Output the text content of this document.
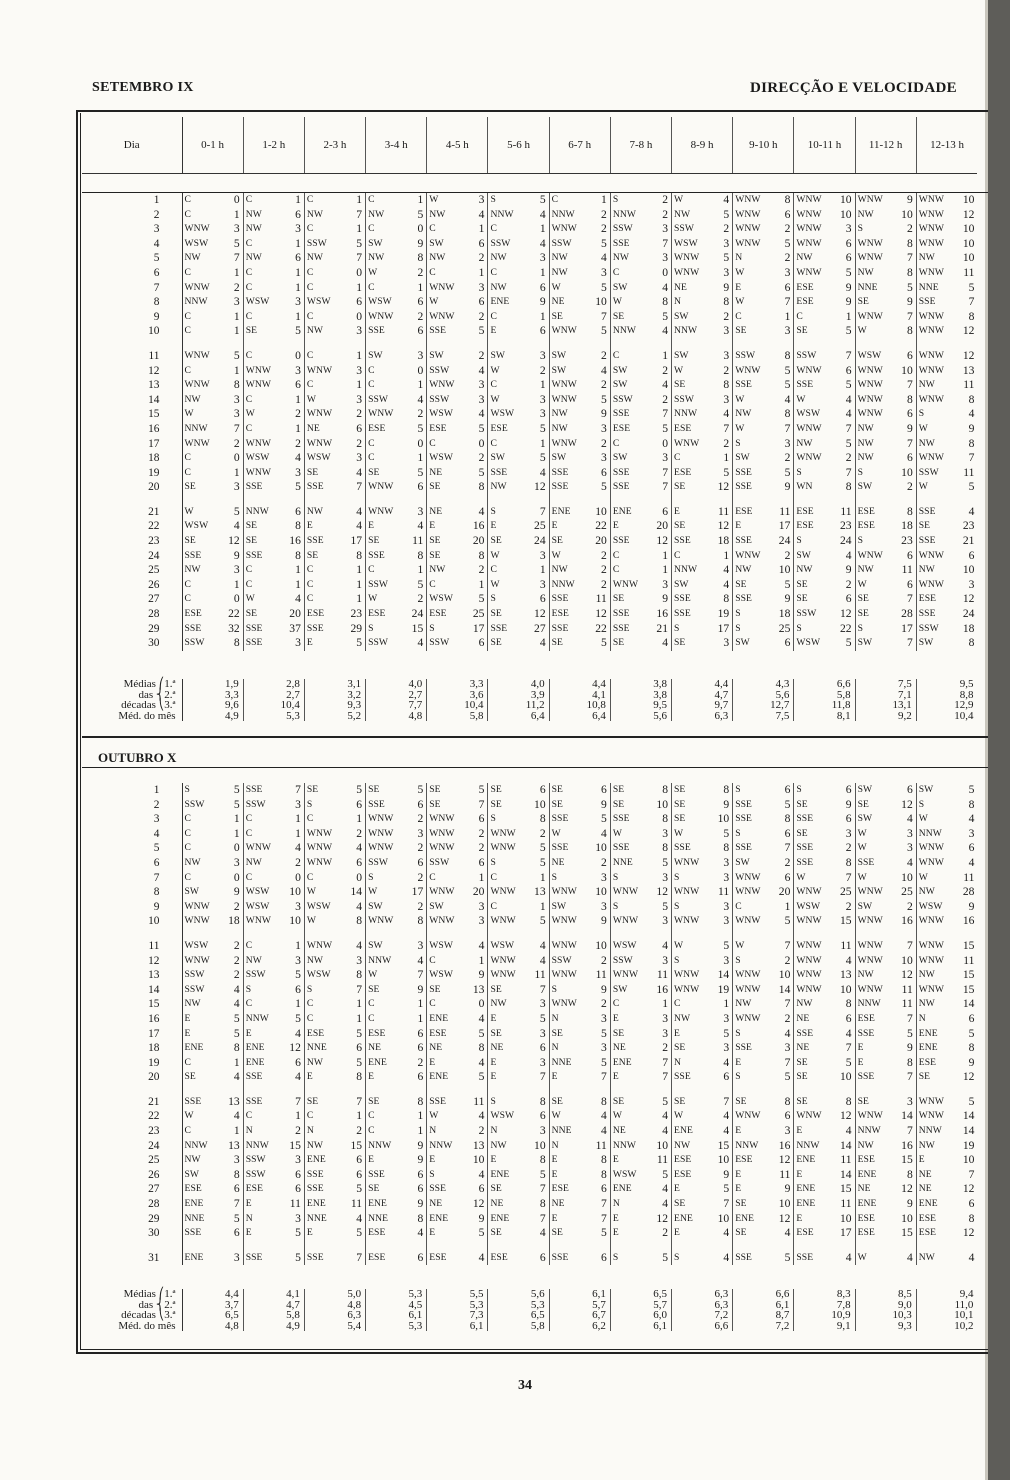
SETEMBRO IX	DIRECÇÃO E VELOCIDADE
Dia	0-1 h	1-2 h	2-3 h	3-4 h	4-5 h	5-6 h	6-7 h	7-8 h	8-9 h	9-10 h	10-11 h	11-12 h	12-13 h
1	C 0	C 1	C 1	C 1	W 3	S 5	C 1	S 2	W 4	WNW 8	WNW 10	WNW 9	WNW 10

2	C 1	NW 6	NW 7	NW 5	NW 4	NNW 4	NNW 2	NNW 2	NW 5	WNW 6	WNW 10	NW 10	WNW 12

3	WNW 3	NW 3	C 1	C 0	C 1	C 1	WNW 2	SSW 3	SSW 2	WNW 2	WNW 3	S 2	WNW 10

4	WSW 5	C 1	SSW 5	SW 9	SW 6	SSW 4	SSW 5	SSE 7	WSW 3	WNW 5	WNW 6	WNW 8	WNW 10

5	NW 7	NW 6	NW 7	NW 8	NW 2	NW 3	NW 4	NW 3	WNW 5	N 2	NW 6	WNW 7	NW 10

6	C 1	C 1	C 0	W 2	C 1	C 1	NW 3	C 0	WNW 3	W 3	WNW 5	NW 8	WNW 11

7	WNW 2	C 1	C 1	C 1	WNW 3	NW 6	W 5	SW 4	NE 9	E 6	ESE 9	NNE 5	NNE 5

8	NNW 3	WSW 3	WSW 6	WSW 6	W 6	ENE 9	NE 10	W 8	N 8	W 7	ESE 9	SE 9	SSE 7

9	C 1	C 1	C 0	WNW 2	WNW 2	C 1	SE 7	SE 5	SW 2	C 1	C 1	WNW 7	WNW 8

10	C 1	SE 5	NW 3	SSE 6	SSE 5	E 6	WNW 5	NNW 4	NNW 3	SE 3	SE 5	W 8	WNW 12

11	WNW 5	C 0	C 1	SW 3	SW 2	SW 3	SW 2	C 1	SW 3	SSW 8	SSW 7	WSW 6	WNW 12

12	C 1	WNW 3	WNW 3	C 0	SSW 4	W 2	SW 4	SW 2	W 2	WNW 5	WNW 6	WNW 10	WNW 13

13	WNW 8	WNW 6	C 1	C 1	WNW 3	C 1	WNW 2	SW 4	SE 8	SSE 5	SSE 5	WNW 7	NW 11

14	NW 3	C 1	W 3	SSW 4	SSW 3	W 3	WNW 5	SSW 2	SSW 3	W 4	W 4	WNW 8	WNW 8

15	W 3	W 2	WNW 2	WNW 2	WSW 4	WSW 3	NW 9	SSE 7	NNW 4	NW 8	WSW 4	WNW 6	S 4

16	NNW 7	C 1	NE 6	ESE 5	ESE 5	ESE 5	NW 3	ESE 5	ESE 7	W 7	WNW 7	NW 9	W 9

17	WNW 2	WNW 2	WNW 2	C 0	C 0	C 1	WNW 2	C 0	WNW 2	S 3	NW 5	NW 7	NW 8

18	C 0	WSW 4	WSW 3	C 1	WSW 2	SW 5	SW 3	SW 3	C 1	SW 2	WNW 2	NW 6	WNW 7

19	C 1	WNW 3	SE 4	SE 5	NE 5	SSE 4	SSE 6	SSE 7	ESE 5	SSE 5	S 7	S 10	SSW 11

20	SE 3	SSE 5	SSE 7	WNW 6	SE 8	NW 12	SSE 5	SSE 7	SE 12	SSE 9	WN 8	SW 2	W 5

21	W 5	NNW 6	NW 4	WNW 3	NE 4	S 7	ENE 10	ENE 6	E 11	ESE 11	ESE 11	ESE 8	SSE 4

22	WSW 4	SE 8	E 4	E 4	E 16	E 25	E 22	E 20	SE 12	E 17	ESE 23	ESE 18	SE 23

23	SE 12	SE 16	SSE 17	SE 11	SE 20	SE 24	SE 20	SSE 12	SSE 18	SSE 24	S 24	S 23	SSE 21

24	SSE 9	SSE 8	SE 8	SSE 8	SE 8	W 3	W 2	C 1	C 1	WNW 2	SW 4	WNW 6	WNW 6

25	NW 3	C 1	C 1	C 1	NW 2	C 1	NW 2	C 1	NNW 4	NW 10	NW 9	NW 11	NW 10

26	C 1	C 1	C 1	SSW 5	C 1	W 3	NNW 2	WNW 3	SW 4	SE 5	SE 2	W 6	WNW 3

27	C 0	W 4	C 1	W 2	WSW 5	S 6	SSE 11	SE 9	SSE 8	SSE 9	SE 6	SE 7	ESE 12

28	ESE 22	SE 20	ESE 23	ESE 24	ESE 25	SE 12	ESE 12	SSE 16	SSE 19	S 18	SSW 12	SE 28	SSE 24

29	SSE 32	SSE 37	SSE 29	S 15	S 17	SSE 27	SSE 22	SSE 21	S 17	S 25	S 22	S 17	SSW 18

30	SSW 8	SSE 3	E 5	SSW 4	SSW 6	SE 4	SE 5	SE 4	SE 3	SW 6	WSW 5	SW 7	SW 8
Médias ⎛1.ª	1,9	2,8	3,1	4,0	3,3	4,0	4,4	3,8	4,4	4,3	6,6	7,5	9,5
das ⎨2.ª	3,3	2,7	3,2	2,7	3,6	3,9	4,1	3,8	4,7	5,6	5,8	7,1	8,8
décadas ⎝3.ª	9,6	10,4	9,3	7,7	10,4	11,2	10,8	9,5	9,7	12,7	11,8	13,1	12,9
Méd. do mês	4,9	5,3	5,2	4,8	5,8	6,4	6,4	5,6	6,3	7,5	8,1	9,2	10,4
OUTUBRO X
1	S 5	SSE 7	SE 5	SE 5	SE 5	SE 6	SE 6	SE 8	SE 8	S 6	S 6	SW 6	SW 5

2	SSW 5	SSW 3	S 6	SSE 6	SE 7	SE 10	SE 9	SE 10	SE 9	SSE 5	SE 9	SE 12	S 8

3	C 1	C 1	C 1	WNW 2	WNW 6	S 8	SSE 5	SSE 8	SE 10	SSE 8	SSE 6	SW 4	W 4

4	C 1	C 1	WNW 2	WNW 3	WNW 2	WNW 2	W 4	W 3	W 5	S 6	SE 3	W 3	NNW 3

5	C 0	WNW 4	WNW 4	WNW 2	WNW 2	WNW 5	SSE 10	SSE 8	SSE 8	SSE 7	SSE 2	W 3	WNW 6

6	NW 3	NW 2	WNW 6	SSW 6	SSW 6	S 5	NE 2	NNE 5	WNW 3	SW 2	SSE 8	SSE 4	WNW 4

7	C 0	C 0	C 0	S 2	C 1	C 1	S 3	S 3	S 3	WNW 6	W 7	W 10	W 11

8	SW 9	WSW 10	W 14	W 17	WNW 20	WNW 13	WNW 10	WNW 12	WNW 11	WNW 20	WNW 25	WNW 25	NW 28

9	WNW 2	WSW 3	WSW 4	SW 2	SW 3	C 1	SW 3	S 5	S 3	C 1	WSW 2	SW 2	WSW 9

10	WNW 18	WNW 10	W 8	WNW 8	WNW 3	WNW 5	WNW 9	WNW 3	WNW 3	WNW 5	WNW 15	WNW 16	WNW 16

11	WSW 2	C 1	WNW 4	SW 3	WSW 4	WSW 4	WNW 10	WSW 4	W 5	W 7	WNW 11	WNW 7	WNW 15

12	WNW 2	NW 3	NW 3	NNW 4	C 1	WNW 4	SSW 2	SSW 3	S 3	S 2	WNW 4	WNW 10	WNW 11

13	SSW 2	SSW 5	WSW 8	W 7	WSW 9	WNW 11	WNW 11	WNW 11	WNW 14	WNW 10	WNW 13	NW 12	NW 15

14	SSW 4	S 6	S 7	SE 9	SE 13	SE 7	S 9	SW 16	WNW 19	WNW 14	WNW 10	WNW 11	WNW 15

15	NW 4	C 1	C 1	C 1	C 0	NW 3	WNW 2	C 1	C 1	NW 7	NW 8	NNW 11	NW 14

16	E 5	NNW 5	C 1	C 1	ENE 4	E 5	N 3	E 3	NW 3	WNW 2	NE 6	ESE 7	N 6

17	E 5	E 4	ESE 5	ESE 6	ESE 5	SE 3	SE 5	SE 3	E 5	S 4	SSE 4	SSE 5	ENE 5

18	ENE 8	ENE 12	NNE 6	NE 6	NE 8	NE 6	N 3	NE 2	SE 3	SSE 3	NE 7	E 9	ENE 8

19	C 1	ENE 6	NW 5	ENE 2	E 4	E 3	NNE 5	ENE 7	N 4	E 7	SE 5	E 8	ESE 9

20	SE 4	SSE 4	E 8	E 6	ENE 5	E 7	E 7	E 7	SSE 6	S 5	SE 10	SSE 7	SE 12

21	SSE 13	SSE 7	SE 7	SE 8	SSE 11	S 8	SE 8	SE 5	SE 7	SE 8	SE 8	SE 3	WNW 5

22	W 4	C 1	C 1	C 1	W 4	WSW 6	W 4	W 4	W 4	WNW 6	WNW 12	WNW 14	WNW 14

23	C 1	N 2	N 2	C 1	N 2	N 3	NNE 4	NE 4	ENE 4	E 3	E 4	NNW 7	NNW 14

24	NNW 13	NNW 15	NW 15	NNW 9	NNW 13	NW 10	N 11	NNW 10	NW 15	NNW 16	NNW 14	NW 16	NW 19

25	NW 3	SSW 3	ENE 6	E 9	E 10	E 8	E 8	E 11	ESE 10	ESE 12	ENE 11	ESE 15	E 10

26	SW 8	SSW 6	SSE 6	SSE 6	S 4	ENE 5	E 8	WSW 5	ESE 9	E 11	E 14	ENE 8	NE 7

27	ESE 6	ESE 6	SSE 5	SE 6	SSE 6	SE 7	ESE 6	ENE 4	E 5	E 9	ENE 15	NE 12	NE 12

28	ENE 7	E 11	ENE 11	ENE 9	NE 12	NE 8	NE 7	N 4	SE 7	SE 10	ENE 11	ENE 9	ENE 6

29	NNE 5	N 3	NNE 4	NNE 8	ENE 9	ENE 7	E 7	E 12	ENE 10	ENE 12	E 10	ESE 10	ESE 8

30	SSE 6	E 5	E 5	ESE 4	E 5	SE 4	SE 5	E 2	E 4	SE 4	ESE 17	ESE 15	ESE 12

31	ENE 3	SSE 5	SSE 7	ESE 6	ESE 4	ESE 6	SSE 6	S 5	S 4	SSE 5	SSE 4	W 4	NW 4
Médias ⎛1.ª	4,4	4,1	5,0	5,3	5,5	5,6	6,1	6,5	6,3	6,6	8,3	8,5	9,4
das ⎨2.ª	3,7	4,7	4,8	4,5	5,3	5,3	5,7	5,7	6,3	6,1	7,8	9,0	11,0
décadas ⎝3.ª	6,5	5,8	6,3	6,1	7,3	6,5	6,7	6,0	7,2	8,7	10,9	10,3	10,1
Méd. do mês	4,8	4,9	5,4	5,3	6,1	5,8	6,2	6,1	6,6	7,2	9,1	9,3	10,2
34
